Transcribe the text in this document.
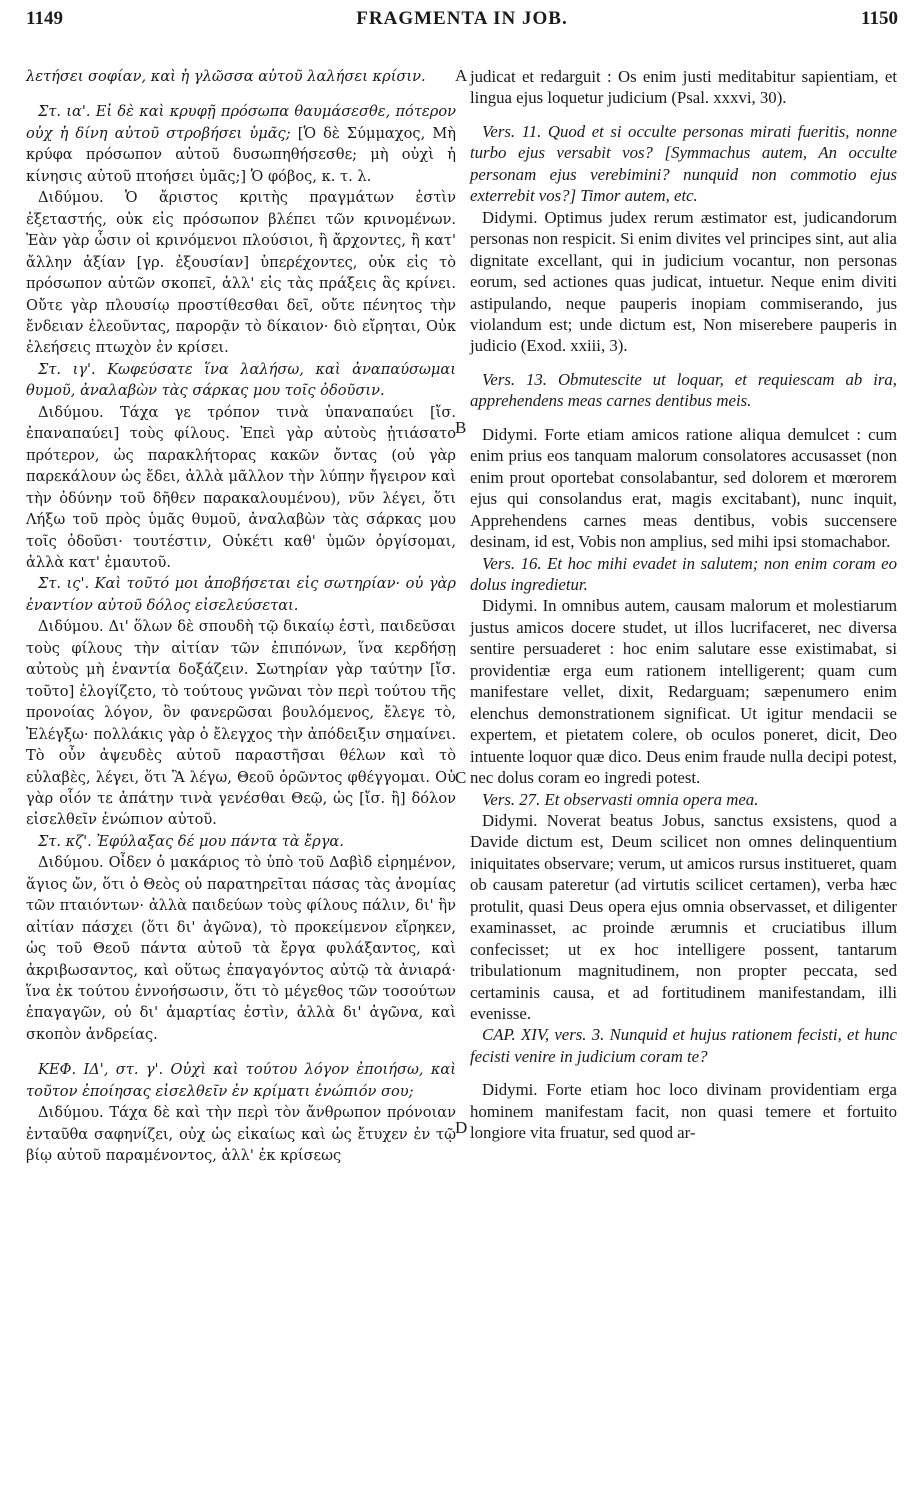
1149	FRAGMENTA IN JOB.	1150
A
B
C
D

λετήσει σοφίαν, καὶ ἡ γλῶσσα αὐτοῦ λαλήσει κρίσιν.

Στ. ια'. Εἰ δὲ καὶ κρυφῇ πρόσωπα θαυμάσεσθε, πότερον οὐχ ἡ δίνη αὐτοῦ στροβήσει ὑμᾶς; [Ὁ δὲ Σύμμαχος, Μὴ κρύφα πρόσωπον αὐτοῦ δυσωπηθήσεσθε; μὴ οὐχὶ ἡ κίνησις αὐτοῦ πτοήσει ὑμᾶς;] Ὁ φόβος, κ. τ. λ.

Διδύμου. Ὁ ἄριστος κριτὴς πραγμάτων ἐστὶν ἐξεταστής, οὐκ εἰς πρόσωπον βλέπει τῶν κρινομένων. Ἐὰν γὰρ ὦσιν οἱ κρινόμενοι πλούσιοι, ἢ ἄρχοντες, ἢ κατ' ἄλλην ἀξίαν [γρ. ἐξουσίαν] ὑπερέχοντες, οὐκ εἰς τὸ πρόσωπον αὐτῶν σκοπεῖ, ἀλλ' εἰς τὰς πράξεις ἃς κρίνει. Οὔτε γὰρ πλουσίῳ προστίθεσθαι δεῖ, οὔτε πένητος τὴν ἔνδειαν ἐλεοῦντας, παρορᾷν τὸ δίκαιον· διὸ εἴρηται, Οὐκ ἐλεήσεις πτωχὸν ἐν κρίσει.

Στ. ιγ'. Κωφεύσατε ἵνα λαλήσω, καὶ ἀναπαύσωμαι θυμοῦ, ἀναλαβὼν τὰς σάρκας μου τοῖς ὀδοῦσιν.

Διδύμου. Τάχα γε τρόπον τινὰ ὑπαναπαύει [ἴσ. ἐπαναπαύει] τοὺς φίλους. Ἐπεὶ γὰρ αὐτοὺς ᾐτιάσατο πρότερον, ὡς παρακλήτορας κακῶν ὄντας (οὐ γὰρ παρεκάλουν ὡς ἔδει, ἀλλὰ μᾶλλον τὴν λύπην ἤγειρον καὶ τὴν ὀδύνην τοῦ δῆθεν παρακαλουμένου), νῦν λέγει, ὅτι Λήξω τοῦ πρὸς ὑμᾶς θυμοῦ, ἀναλαβὼν τὰς σάρκας μου τοῖς ὀδοῦσι· τουτέστιν, Οὐκέτι καθ' ὑμῶν ὀργίσομαι, ἀλλὰ κατ' ἐμαυτοῦ.

Στ. ις'. Καὶ τοῦτό μοι ἀποβήσεται εἰς σωτηρίαν· οὐ γὰρ ἐναντίον αὐτοῦ δόλος εἰσελεύσεται.

Διδύμου. Δι' ὅλων δὲ σπουδὴ τῷ δικαίῳ ἐστὶ, παιδεῦσαι τοὺς φίλους τὴν αἰτίαν τῶν ἐπιπόνων, ἵνα κερδήσῃ αὐτοὺς μὴ ἐναντία δοξάζειν. Σωτηρίαν γὰρ ταύτην [ἴσ. τοῦτο] ἐλογίζετο, τὸ τούτους γνῶναι τὸν περὶ τούτου τῆς προνοίας λόγον, ὃν φανερῶσαι βουλόμενος, ἔλεγε τὸ, Ἐλέγξω· πολλάκις γὰρ ὁ ἔλεγχος τὴν ἀπόδειξιν σημαίνει. Τὸ οὖν ἀψευδὲς αὐτοῦ παραστῆσαι θέλων καὶ τὸ εὐλαβὲς, λέγει, ὅτι Ἃ λέγω, Θεοῦ ὁρῶντος φθέγγομαι. Οὐ γὰρ οἷόν τε ἀπάτην τινὰ γενέσθαι Θεῷ, ὡς [ἴσ. ἢ] δόλον εἰσελθεῖν ἐνώπιον αὐτοῦ.

Στ. κζ'. Ἐφύλαξας δέ μου πάντα τὰ ἔργα.

Διδύμου. Οἶδεν ὁ μακάριος τὸ ὑπὸ τοῦ Δαβὶδ εἰρημένον, ἅγιος ὤν, ὅτι ὁ Θεὸς οὐ παρατηρεῖται πάσας τὰς ἀνομίας τῶν πταιόντων· ἀλλὰ παιδεύων τοὺς φίλους πάλιν, δι' ἣν αἰτίαν πάσχει (ὅτι δι' ἀγῶνα), τὸ προκείμενον εἴρηκεν, ὡς τοῦ Θεοῦ πάντα αὐτοῦ τὰ ἔργα φυλάξαντος, καὶ ἀκριβωσαντος, καὶ οὕτως ἐπαγαγόντος αὐτῷ τὰ ἀνιαρά· ἵνα ἐκ τούτου ἐννοήσωσιν, ὅτι τὸ μέγεθος τῶν τοσούτων ἐπαγαγῶν, οὐ δι' ἁμαρτίας ἐστὶν, ἀλλὰ δι' ἀγῶνα, καὶ σκοπὸν ἀνδρείας.

ΚΕΦ. ΙΔ', στ. γ'. Οὐχὶ καὶ τούτου λόγον ἐποιήσω, καὶ τοῦτον ἐποίησας εἰσελθεῖν ἐν κρίματι ἐνώπιόν σου;

Διδύμου. Τάχα δὲ καὶ τὴν περὶ τὸν ἄνθρωπον πρόνοιαν ἐνταῦθα σαφηνίζει, οὐχ ὡς εἰκαίως καὶ ὡς ἔτυχεν ἐν τῷ βίῳ αὐτοῦ παραμένοντος, ἀλλ' ἐκ κρίσεως

judicat et redarguit : Os enim justi meditabitur sapientiam, et lingua ejus loquetur judicium (Psal. xxxvi, 30).

Vers. 11. Quod et si occulte personas mirati fueritis, nonne turbo ejus versabit vos? [Symmachus autem, An occulte personam ejus verebimini? nunquid non commotio ejus exterrebit vos?] Timor autem, etc.

Didymi. Optimus judex rerum æstimator est, judicandorum personas non respicit. Si enim divites vel principes sint, aut alia dignitate excellant, qui in judicium vocantur, non personas eorum, sed actiones quas judicat, intuetur. Neque enim diviti astipulando, neque pauperis inopiam commiserando, jus violandum est; unde dictum est, Non miserebere pauperis in judicio (Exod. xxiii, 3).

Vers. 13. Obmutescite ut loquar, et requiescam ab ira, apprehendens meas carnes dentibus meis.

Didymi. Forte etiam amicos ratione aliqua demulcet : cum enim prius eos tanquam malorum consolatores accusasset (non enim prout oportebat consolabantur, sed dolorem et mœrorem ejus qui consolandus erat, magis excitabant), nunc inquit, Apprehendens carnes meas dentibus, vobis succensere desinam, id est, Vobis non amplius, sed mihi ipsi stomachabor.

Vers. 16. Et hoc mihi evadet in salutem; non enim coram eo dolus ingredietur.

Didymi. In omnibus autem, causam malorum et molestiarum justus amicos docere studet, ut illos lucrifaceret, nec diversa sentire persuaderet : hoc enim salutare esse existimabat, si providentiæ erga eum rationem intelligerent; quam cum manifestare vellet, dixit, Redarguam; sæpenumero enim elenchus demonstrationem significat. Ut igitur mendacii se expertem, et pietatem colere, ob oculos poneret, dicit, Deo intuente loquor quæ dico. Deus enim fraude nulla decipi potest, nec dolus coram eo ingredi potest.

Vers. 27. Et observasti omnia opera mea.

Didymi. Noverat beatus Jobus, sanctus exsistens, quod a Davide dictum est, Deum scilicet non omnes delinquentium iniquitates observare; verum, ut amicos rursus institueret, quam ob causam pateretur (ad virtutis scilicet certamen), verba hæc protulit, quasi Deus opera ejus omnia observasset, et diligenter examinasset, ac proinde ærumnis et cruciatibus illum confecisset; ut ex hoc intelligere possent, tantarum tribulationum magnitudinem, non propter peccata, sed certaminis causa, et ad fortitudinem manifestandam, illi evenisse.

CAP. XIV, vers. 3. Nunquid et hujus rationem fecisti, et hunc fecisti venire in judicium coram te?

Didymi. Forte etiam hoc loco divinam providentiam erga hominem manifestam facit, non quasi temere et fortuito longiore vita fruatur, sed quod ar-
